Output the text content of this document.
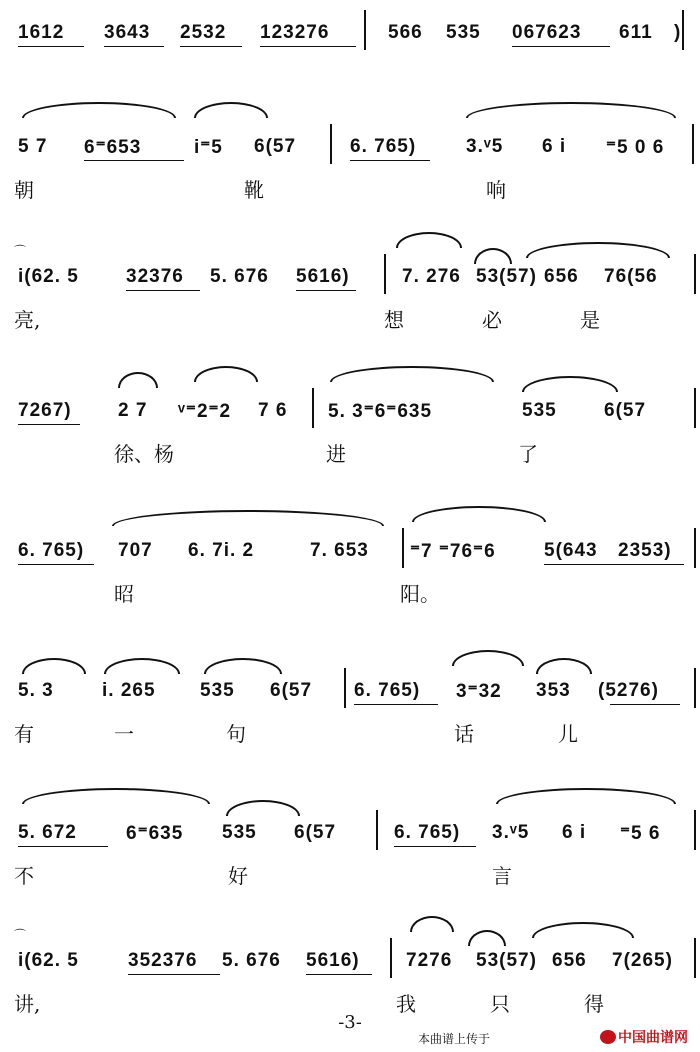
1612 3643 2532 123276	566 535 067623 611 )
5 7 6⁼653	i⁼5 6(57	6. 765)	3.ᵛ5 6 i ⁼5 0 6
朝	靴	响
⌒
i(62. 5 32376 5. 676 5616)	7. 276 53(57) 656 76(56
亮,	想	必	是
7267) 2 7 ᵛ⁼2⁼2 7 6 5. 3⁼6⁼635	535 6(57
徐、杨	进	了
6. 765) 707 6. 7i. 2	7. 653 ⁼7 ⁼76⁼6	5(643 2353)
昭	阳。
5. 3	i. 265 535 6(57 6. 765) 3⁼32 353 (5276)
有	一	句	话	儿
5. 672	6⁼635 535 6(57	6. 765) 3.ᵛ5 6 i ⁼5 6
不	好	言
⌒
i(62. 5	352376 5. 676 5616) 7276 53(57) 656 7(265)
讲,	我	只	得
-3-
本曲谱上传于	中国曲谱网
